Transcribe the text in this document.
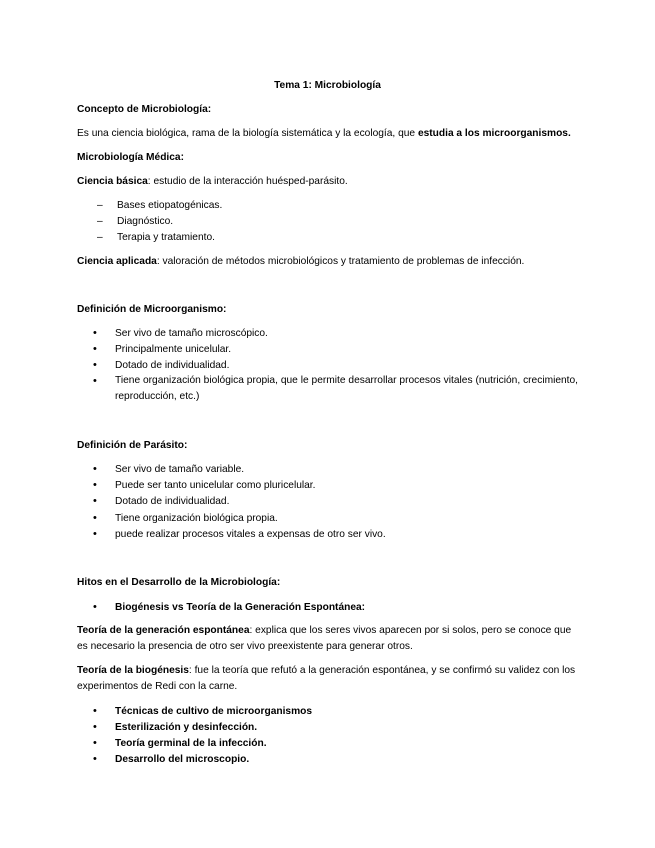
Tema 1: Microbiología
Concepto de Microbiología:
Es una ciencia biológica, rama de la biología sistemática y la ecología, que estudia a los microorganismos.
Microbiología Médica:
Ciencia básica: estudio de la interacción huésped-parásito.
– Bases etiopatogénicas.
– Diagnóstico.
– Terapia y tratamiento.
Ciencia aplicada: valoración de métodos microbiológicos y tratamiento de problemas de infección.
Definición de Microorganismo:
•	Ser vivo de tamaño microscópico.
•	Principalmente unicelular.
•	Dotado de individualidad.
•	Tiene organización biológica propia, que le permite desarrollar procesos vitales (nutrición, crecimiento, reproducción, etc.)
Definición de Parásito:
•	Ser vivo de tamaño variable.
•	Puede ser tanto unicelular como pluricelular.
•	Dotado de individualidad.
•	Tiene organización biológica propia.
•	puede realizar procesos vitales a expensas de otro ser vivo.
Hitos en el Desarrollo de la Microbiología:
•	Biogénesis vs Teoría de la Generación Espontánea:
Teoría de la generación espontánea: explica que los seres vivos aparecen por si solos, pero se conoce que es necesario la presencia de otro ser vivo preexistente para generar otros.
Teoría de la biogénesis: fue la teoría que refutó a la generación espontánea, y se confirmó su validez con los experimentos de Redi con la carne.
•	Técnicas de cultivo de microorganismos
•	Esterilización y desinfección.
•	Teoría germinal de la infección.
•	Desarrollo del microscopio.
